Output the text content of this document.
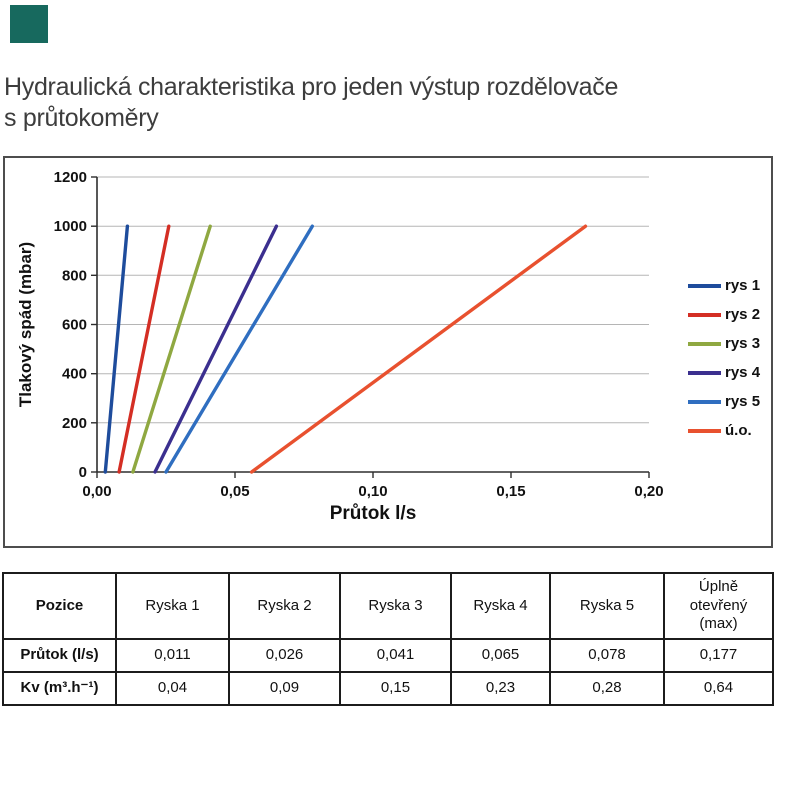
Hydraulická charakteristika pro jeden výstup rozdělovače
s průtokoměry
0
200
400
600
800
1000
1200
0,00	0,05	0,10	0,15	0,20
Průtok l/s
Tlakový spád (mbar)	rys 1
rys 2
rys 3
rys 4
rys 5
ú.o.
Pozice	Ryska 1	Ryska 2	Ryska 3	Ryska 4	Ryska 5	Úplně otevřený (max)
Průtok (l/s)	0,011	0,026	0,041	0,065	0,078	0,177
Kv (m³.h⁻¹)	0,04	0,09	0,15	0,23	0,28	0,64
